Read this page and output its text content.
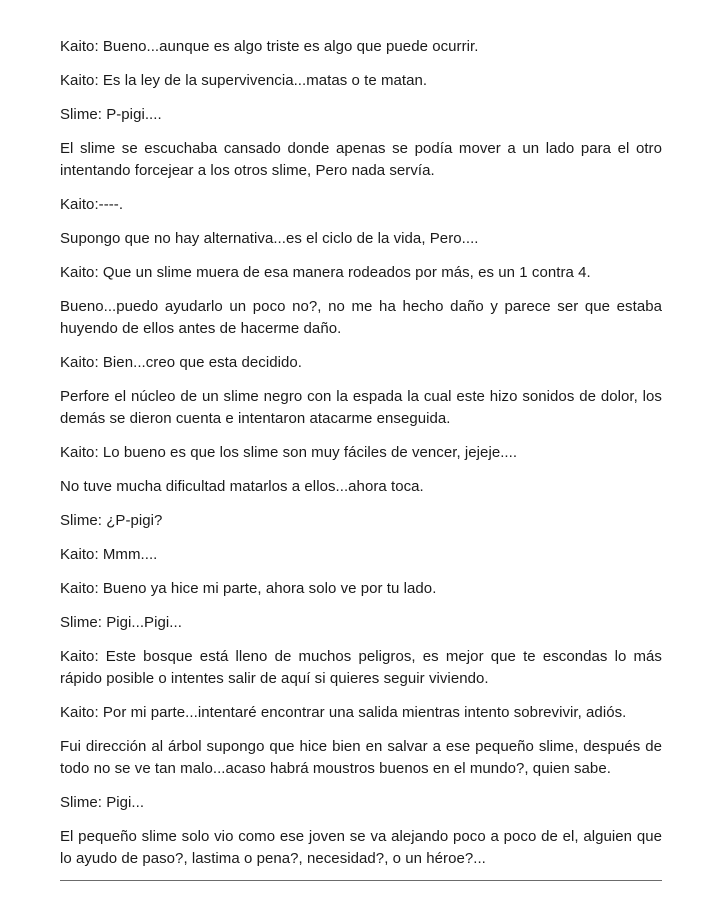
Kaito: Bueno...aunque es algo triste es algo que puede ocurrir.

Kaito: Es la ley de la supervivencia...matas o te matan.

Slime: P-pigi....

El slime se escuchaba cansado donde apenas se podía mover a un lado para el otro intentando forcejear a los otros slime, Pero nada servía.

Kaito:----.

Supongo que no hay alternativa...es el ciclo de la vida, Pero....

Kaito: Que un slime muera de esa manera rodeados por más, es un 1 contra 4.

Bueno...puedo ayudarlo un poco no?, no me ha hecho daño y parece ser que estaba huyendo de ellos antes de hacerme daño.

Kaito: Bien...creo que esta decidido.

Perfore el núcleo de un slime negro con la espada la cual este hizo sonidos de dolor, los demás se dieron cuenta e intentaron atacarme enseguida.

Kaito: Lo bueno es que los slime son muy fáciles de vencer, jejeje....

No tuve mucha dificultad matarlos a ellos...ahora toca.

Slime: ¿P-pigi?

Kaito: Mmm....

Kaito: Bueno ya hice mi parte, ahora solo ve por tu lado.

Slime: Pigi...Pigi...

Kaito: Este bosque está lleno de muchos peligros, es mejor que te escondas lo más rápido posible o intentes salir de aquí si quieres seguir viviendo.

Kaito: Por mi parte...intentaré encontrar una salida mientras intento sobrevivir, adiós.

Fui dirección al árbol supongo que hice bien en salvar a ese pequeño slime, después de todo no se ve tan malo...acaso habrá moustros buenos en el mundo?, quien sabe.

Slime: Pigi...

El pequeño slime solo vio como ese joven se va alejando poco a poco de el, alguien que lo ayudo de paso?, lastima o pena?, necesidad?, o un héroe?...
